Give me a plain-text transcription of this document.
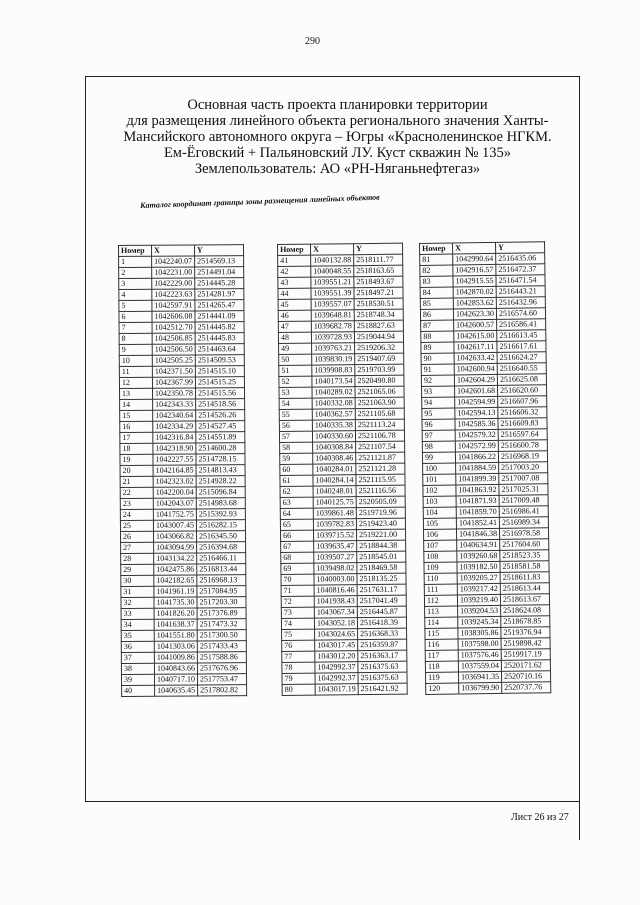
290
Основная часть проекта планировки территории
для размещения линейного объекта регионального значения Ханты-
Мансийского автономного округа – Югры «Красноленинское НГКМ.
Ем-Ёговский + Пальяновский ЛУ. Куст скважин № 135»
Землепользователь: АО «РН-Няганьнефтегаз»
Каталог координат границы зоны размещения линейных объектов
Номер	X	Y
1	1042240.07	2514569.13
2	1042231.00	2514491.04
3	1042229.00	2514445.28
4	1042223.63	2514281.97
5	1042597.91	2514265.47
6	1042606.08	2514441.09
7	1042512.70	2514445.82
8	1042506.85	2514445.83
9	1042506.50	2514463.64
10	1042505.25	2514509.53
11	1042371.50	2514515.10
12	1042367.99	2514515.25
13	1042350.78	2514515.56
14	1042343.33	2514518.56
15	1042340.64	2514526.26
16	1042334.29	2514527.45
17	1042316.84	2514551.89
18	1042318.90	2514600.28
19	1042227.55	2514728.15
20	1042164.85	2514813.43
21	1042323.02	2514928.22
22	1042200.04	2515096.84
23	1042043.07	2514983.68
24	1041752.75	2515392.93
25	1043007.45	2516282.15
26	1043066.82	2516345.50
27	1043094.99	2516394.68
28	1043134.22	2516466.11
29	1042475.86	2516813.44
30	1042182.65	2516968.13
31	1041961.19	2517084.95
32	1041735.30	2517203.30
33	1041826.20	2517376.89
34	1041638.37	2517473.32
35	1041551.80	2517300.50
36	1041303.06	2517433.43
37	1041009.86	2517588.86
38	1040843.66	2517676.96
39	1040717.10	2517753.47
40	1040635.45	2517802.82
Номер	X	Y
41	1040132.88	2518111.77
42	1040048.55	2518163.65
43	1039551.21	2518493.67
44	1039551.39	2518497.21
45	1039557.07	2518530.51
46	1039648.81	2518748.34
47	1039682.78	2518827.63
48	1039728.93	2519044.94
49	1039763.21	2519206.32
50	1039830.19	2519407.69
51	1039908.83	2519703.99
52	1040173.54	2520490.80
53	1040289.02	2521065.06
54	1040332.08	2521063.90
55	1040362.57	2521105.68
56	1040335.38	2521113.24
57	1040330.60	2521106.78
58	1040308.84	2521107.54
59	1040308.46	2521121.87
60	1040284.01	2521121.28
61	1040284.14	2521115.95
62	1040248.01	2521116.56
63	1040125.75	2520505.09
64	1039861.48	2519719.96
65	1039782.83	2519423.40
66	1039715.52	2519221.00
67	1039635.47	2518844.38
68	1039507.27	2518545.01
69	1039498.02	2518469.58
70	1040003.00	2518135.25
71	1040816.46	2517631.17
72	1041938.43	2517041.49
73	1043067.34	2516445.87
74	1043052.18	2516418.39
75	1043024.65	2516368.33
76	1043017.45	2516359.87
77	1043012.20	2516363.17
78	1042992.37	2516375.63
79	1042992.37	2516375.63
80	1043017.19	2516421.92
Номер	X	Y
81	1042990.64	2516435.06
82	1042916.57	2516472.37
83	1042915.55	2516471.54
84	1042870.02	2516443.21
85	1042853.62	2516432.96
86	1042623.30	2516574.60
87	1042600.57	2516586.41
88	1042615.00	2516613.45
89	1042617.11	2516617.61
90	1042633.42	2516624.27
91	1042600.94	2516640.55
92	1042604.29	2516625.08
93	1042601.68	2516620.60
94	1042594.99	2516607.96
95	1042594.13	2516606.32
96	1042585.36	2516609.83
97	1042579.32	2516597.64
98	1042572.99	2516600.78
99	1041866.22	2516968.19
100	1041884.59	2517003.20
101	1041899.39	2517007.08
102	1041863.92	2517025.31
103	1041871.93	2517009.48
104	1041859.70	2516986.41
105	1041852.41	2516989.34
106	1041846.38	2516978.58
107	1040634.91	2517604.60
108	1039260.68	2518523.35
109	1039182.50	2518581.58
110	1039205.27	2518611.83
111	1039217.42	2518613.44
112	1039219.40	2518613.67
113	1039204.53	2518624.08
114	1039245.34	2518678.85
115	1038305.86	2519376.94
116	1037598.00	2519898.42
117	1037576.46	2519917.19
118	1037559.04	2520171.62
119	1036941.35	2520710.16
120	1036799.90	2520737.76
Лист 26 из 27
